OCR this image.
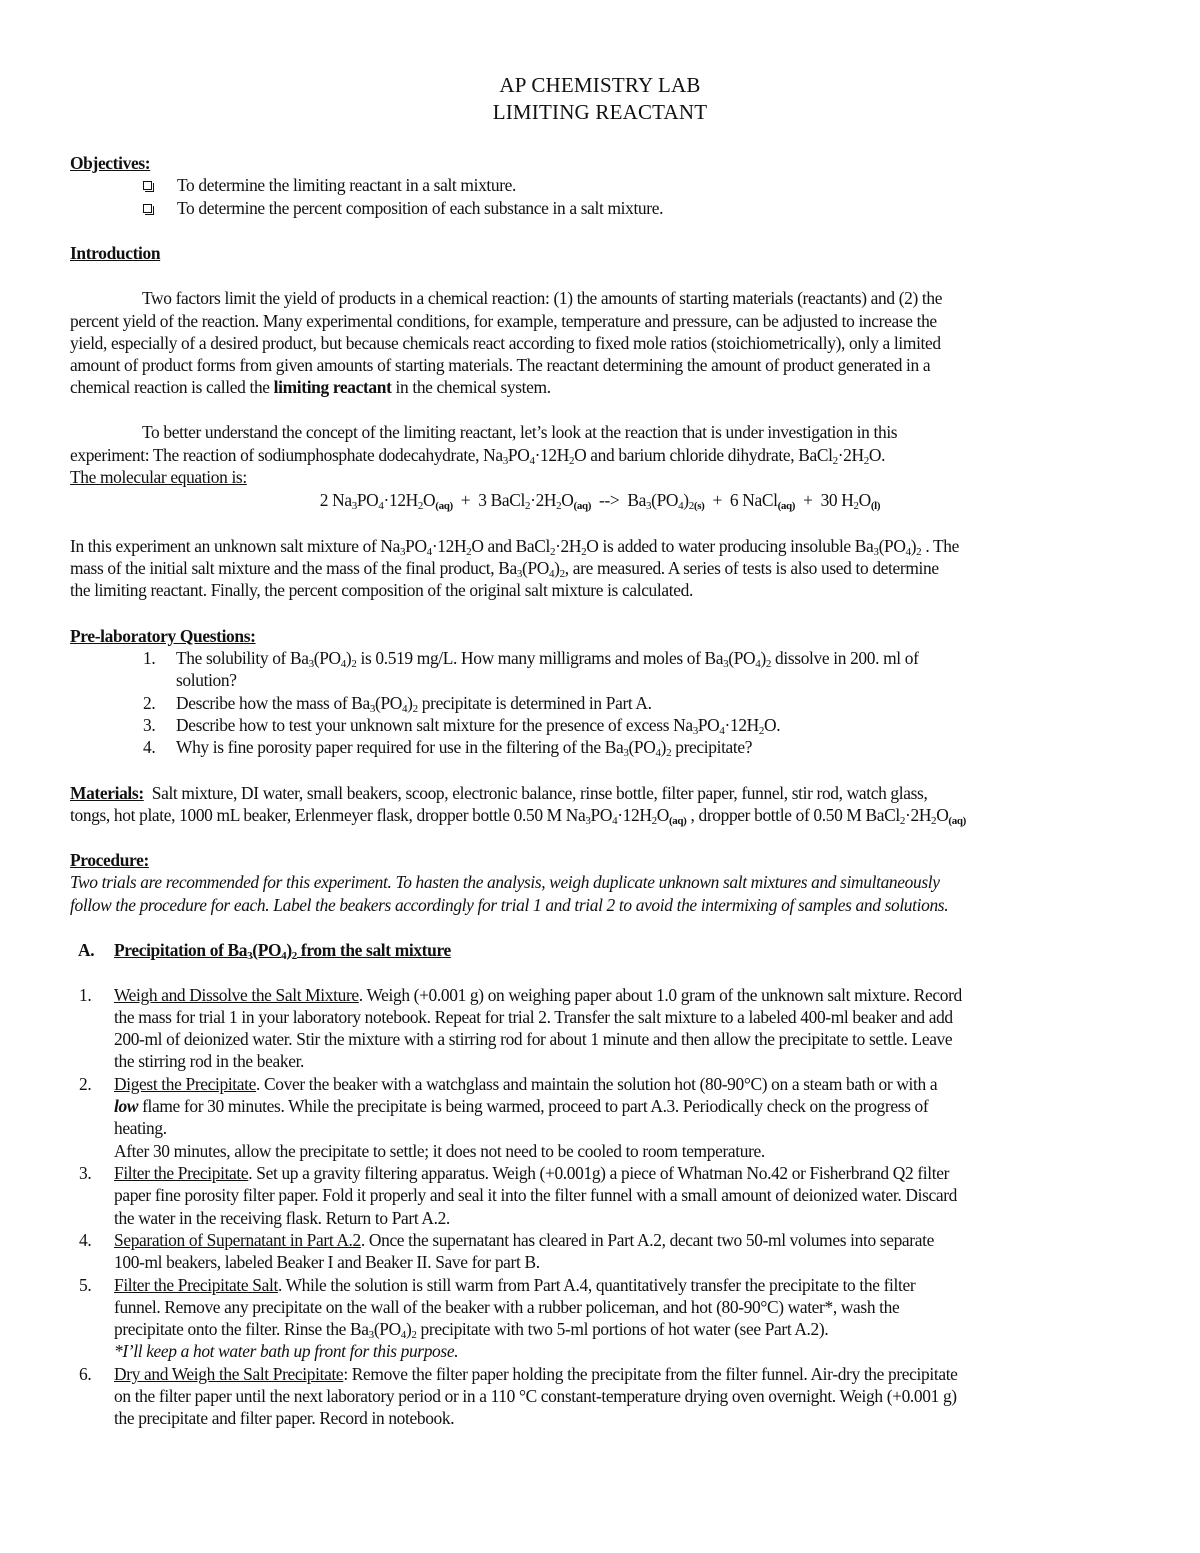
AP CHEMISTRY LAB
LIMITING REACTANT
Objectives:
To determine the limiting reactant in a salt mixture.
To determine the percent composition of each substance in a salt mixture.
Introduction
Two factors limit the yield of products in a chemical reaction: (1) the amounts of starting materials (reactants) and (2) the
percent yield of the reaction. Many experimental conditions, for example, temperature and pressure, can be adjusted to increase the
yield, especially of a desired product, but because chemicals react according to fixed mole ratios (stoichiometrically), only a limited
amount of product forms from given amounts of starting materials. The reactant determining the amount of product generated in a
chemical reaction is called the limiting reactant in the chemical system.
To better understand the concept of the limiting reactant, let’s look at the reaction that is under investigation in this
experiment: The reaction of sodiumphosphate dodecahydrate, $Na_3PO_4\cdot 12H_2O$ and barium chloride dihydrate, $BaCl_2\cdot 2H_2O$.
The molecular equation is:
2 $Na_3PO_4\cdot 12H_2O_{(aq)} + 3$ $BaCl_2\cdot 2H_2O_{(aq)}$  -->  $Ba_3(PO_4)_{2(s)} + 6$ NaCl$_{(aq)}$  +  30 $H_2O_{(l)}$
In this experiment an unknown salt mixture of $Na_3PO_4\cdot 12H_2O$ and $BaCl_2\cdot 2H_2O$ is added to water producing insoluble $Ba_3(PO_4)_2$ . The
mass of the initial salt mixture and the mass of the final product, $Ba_3(PO_4)_2$, are measured. A series of tests is also used to determine
the limiting reactant. Finally, the percent composition of the original salt mixture is calculated.
Pre-laboratory Questions:
1. The solubility of $Ba_3(PO_4)_2$ is 0.519 mg/L. How many milligrams and moles of $Ba_3(PO_4)_2$ dissolve in 200. ml of
solution?
2. Describe how the mass of $Ba_3(PO_4)_2$ precipitate is determined in Part A.
3. Describe how to test your unknown salt mixture for the presence of excess $Na_3PO_4\cdot 12H_2O$.
4. Why is fine porosity paper required for use in the filtering of the $Ba_3(PO_4)_2$ precipitate?
Materials:  Salt mixture, DI water, small beakers, scoop, electronic balance, rinse bottle, filter paper, funnel, stir rod, watch glass,
tongs, hot plate, 1000 mL beaker, Erlenmeyer flask, dropper bottle 0.50 M $Na_3PO_4\cdot 12H_2O_{(aq)}$ , dropper bottle of 0.50 M $BaCl_2\cdot 2H_2O_{(aq)}$
Procedure:
Two trials are recommended for this experiment. To hasten the analysis, weigh duplicate unknown salt mixtures and simultaneously
follow the procedure for each. Label the beakers accordingly for trial 1 and trial 2 to avoid the intermixing of samples and solutions.
A. Precipitation of $Ba_3(PO_4)_2$ from the salt mixture
1. Weigh and Dissolve the Salt Mixture. Weigh (+0.001 g) on weighing paper about 1.0 gram of the unknown salt mixture. Record
the mass for trial 1 in your laboratory notebook. Repeat for trial 2. Transfer the salt mixture to a labeled 400-ml beaker and add
200-ml of deionized water. Stir the mixture with a stirring rod for about 1 minute and then allow the precipitate to settle. Leave
the stirring rod in the beaker.
2. Digest the Precipitate. Cover the beaker with a watchglass and maintain the solution hot (80-90°C) on a steam bath or with a
low flame for 30 minutes. While the precipitate is being warmed, proceed to part A.3. Periodically check on the progress of
heating.
After 30 minutes, allow the precipitate to settle; it does not need to be cooled to room temperature.
3. Filter the Precipitate. Set up a gravity filtering apparatus. Weigh (+0.001g) a piece of Whatman No.42 or Fisherbrand Q2 filter
paper fine porosity filter paper. Fold it properly and seal it into the filter funnel with a small amount of deionized water. Discard
the water in the receiving flask. Return to Part A.2.
4. Separation of Supernatant in Part A.2. Once the supernatant has cleared in Part A.2, decant two 50-ml volumes into separate
100-ml beakers, labeled Beaker I and Beaker II. Save for part B.
5. Filter the Precipitate Salt. While the solution is still warm from Part A.4, quantitatively transfer the precipitate to the filter
funnel. Remove any precipitate on the wall of the beaker with a rubber policeman, and hot (80-90°C) water*, wash the
precipitate onto the filter. Rinse the $Ba_3(PO_4)_2$ precipitate with two 5-ml portions of hot water (see Part A.2).
*I’ll keep a hot water bath up front for this purpose.
6. Dry and Weigh the Salt Precipitate: Remove the filter paper holding the precipitate from the filter funnel. Air-dry the precipitate
on the filter paper until the next laboratory period or in a 110 °C constant-temperature drying oven overnight. Weigh (+0.001 g)
the precipitate and filter paper. Record in notebook.
